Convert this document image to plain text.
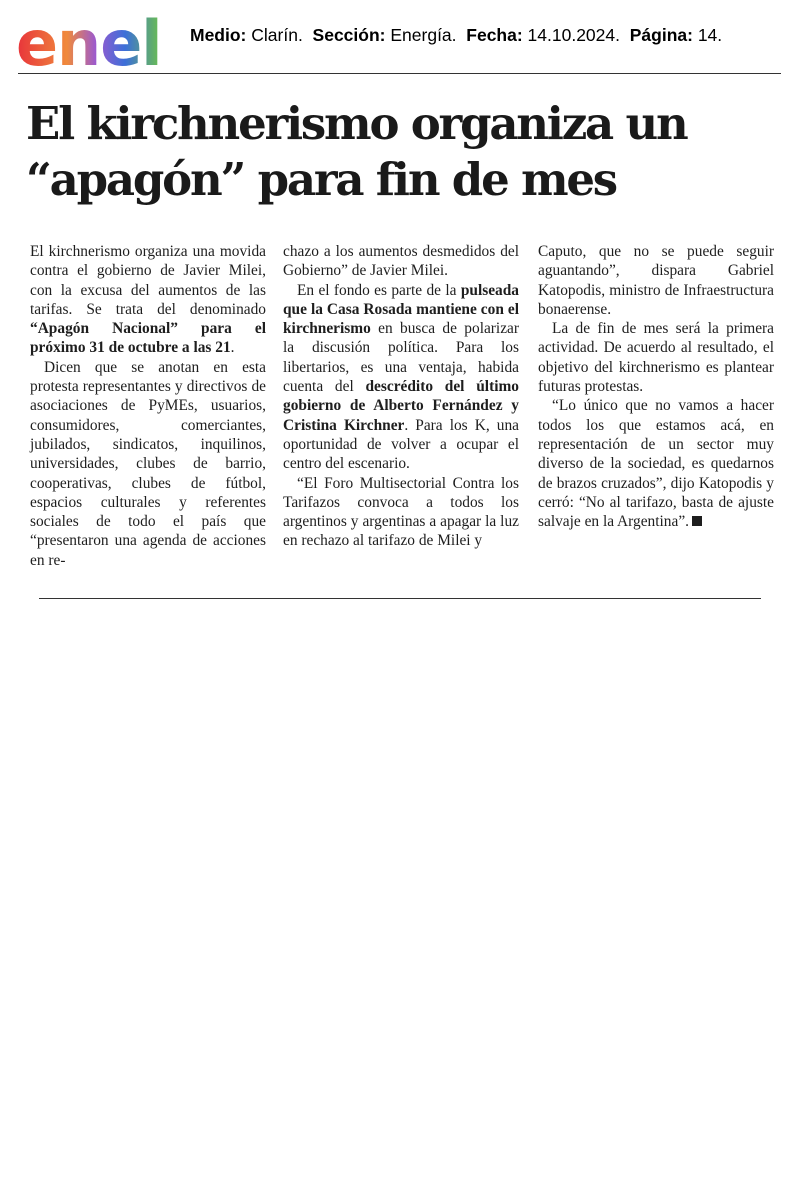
enel Medio: Clarín. Sección: Energía. Fecha: 14.10.2024. Página: 14.
El kirchnerismo organiza un
“apagón” para fin de mes

El kirchnerismo organiza una movida contra el gobierno de Javier Milei, con la excusa del aumentos de las tarifas. Se trata del denominado “Apagón Nacional” para el próximo 31 de octubre a las 21.

Dicen que se anotan en esta protesta representantes y directivos de asociaciones de PyMEs, usuarios, consumidores, comerciantes, jubilados, sindicatos, inquilinos, universidades, clubes de barrio, cooperativas, clubes de fútbol, espacios culturales y referentes sociales de todo el país que “presentaron una agenda de acciones en re-

chazo a los aumentos desmedidos del Gobierno” de Javier Milei.

En el fondo es parte de la pulseada que la Casa Rosada mantiene con el kirchnerismo en busca de polarizar la discusión política. Para los libertarios, es una ventaja, habida cuenta del descrédito del último gobierno de Alberto Fernández y Cristina Kirchner. Para los K, una oportunidad de volver a ocupar el centro del escenario.

“El Foro Multisectorial Contra los Tarifazos convoca a todos los argentinos y argentinas a apagar la luz en rechazo al tarifazo de Milei y

Caputo, que no se puede seguir aguantando”, dispara Gabriel Katopodis, ministro de Infraestructura bonaerense.

La de fin de mes será la primera actividad. De acuerdo al resultado, el objetivo del kirchnerismo es plantear futuras protestas.

“Lo único que no vamos a hacer todos los que estamos acá, en representación de un sector muy diverso de la sociedad, es quedarnos de brazos cruzados”, dijo Katopodis y cerró: “No al tarifazo, basta de ajuste salvaje en la Argentina”.
